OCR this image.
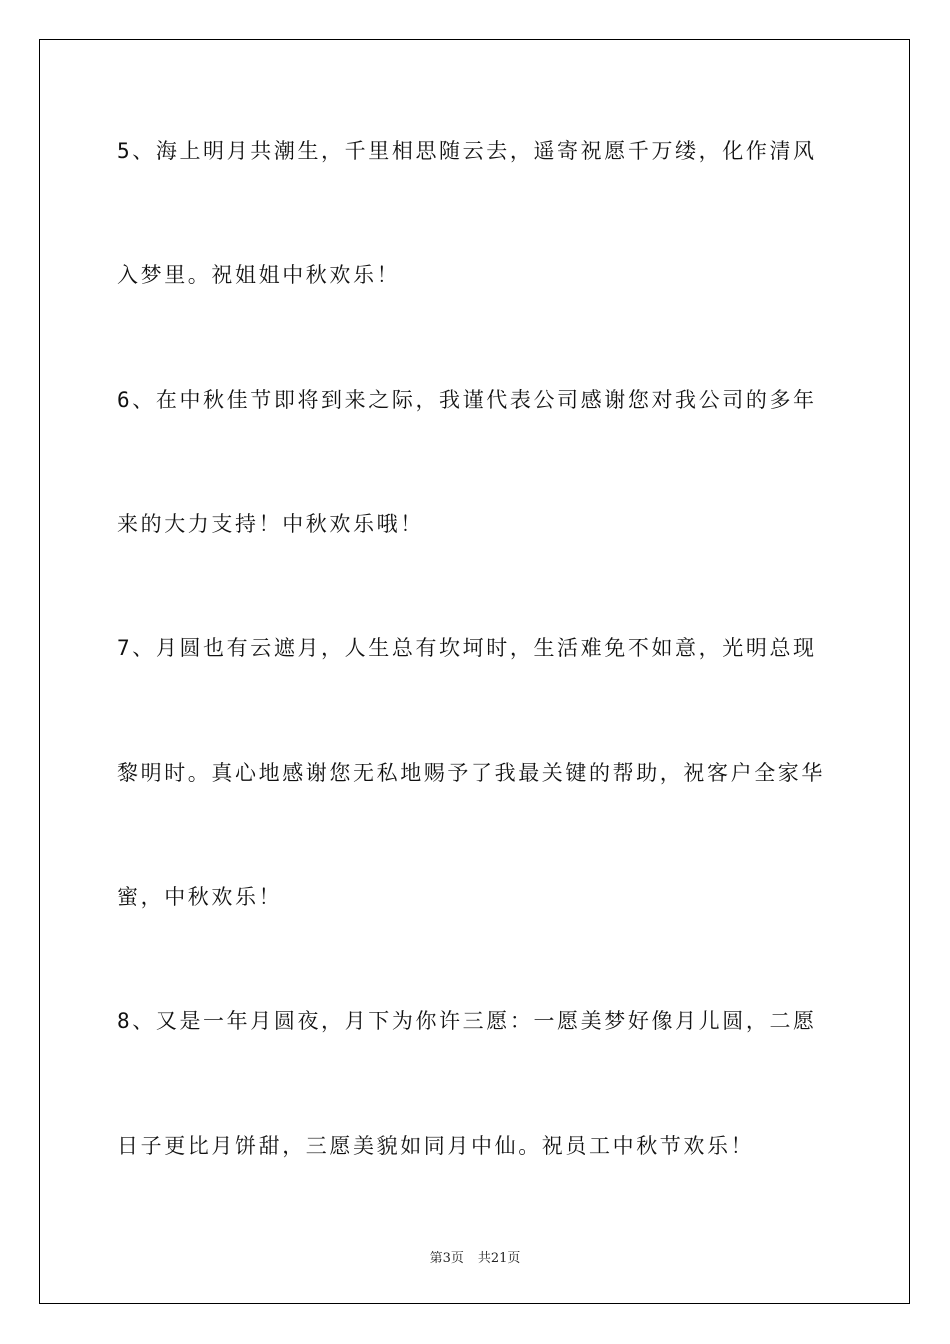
5、海上明月共潮生，千里相思随云去，遥寄祝愿千万缕，化作清风
入梦里。祝姐姐中秋欢乐！
6、在中秋佳节即将到来之际，我谨代表公司感谢您对我公司的多年
来的大力支持！中秋欢乐哦！
7、月圆也有云遮月，人生总有坎坷时，生活难免不如意，光明总现
黎明时。真心地感谢您无私地赐予了我最关键的帮助，祝客户全家华
蜜，中秋欢乐！
8、又是一年月圆夜，月下为你许三愿：一愿美梦好像月儿圆，二愿
日子更比月饼甜，三愿美貌如同月中仙。祝员工中秋节欢乐！
第3页 共21页
